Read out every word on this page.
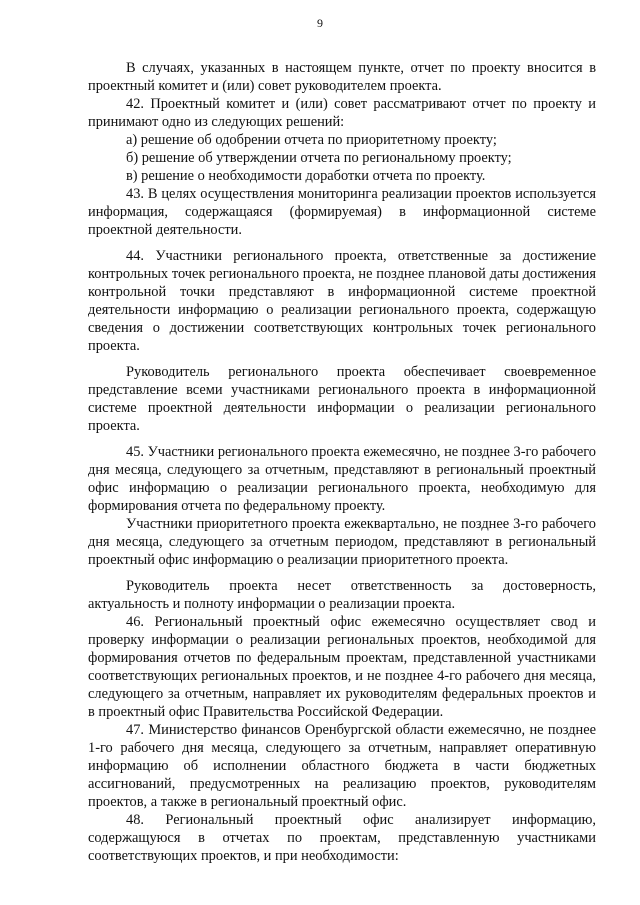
9

В случаях, указанных в настоящем пункте, отчет по проекту вносится в проектный комитет и (или) совет руководителем проекта.

42. Проектный комитет и (или) совет рассматривают отчет по проекту и принимают одно из следующих решений:

а) решение об одобрении отчета по приоритетному проекту;

б) решение об утверждении отчета по региональному проекту;

в) решение о необходимости доработки отчета по проекту.

43. В целях осуществления мониторинга реализации проектов используется информация, содержащаяся (формируемая) в информационной системе проектной деятельности.

44. Участники регионального проекта, ответственные за достижение контрольных точек регионального проекта, не позднее плановой даты достижения контрольной точки представляют в информационной системе проектной деятельности информацию о реализации регионального проекта, содержащую сведения о достижении соответствующих контрольных точек регионального проекта.

Руководитель регионального проекта обеспечивает своевременное представление всеми участниками регионального проекта в информационной системе проектной деятельности информации о реализации регионального проекта.

45. Участники регионального проекта ежемесячно, не позднее 3-го рабочего дня месяца, следующего за отчетным, представляют в региональный проектный офис информацию о реализации регионального проекта, необходимую для формирования отчета по федеральному проекту.

Участники приоритетного проекта ежеквартально, не позднее 3-го рабочего дня месяца, следующего за отчетным периодом, представляют в региональный проектный офис информацию о реализации приоритетного проекта.

Руководитель проекта несет ответственность за достоверность, актуальность и полноту информации о реализации проекта.

46. Региональный проектный офис ежемесячно осуществляет свод и проверку информации о реализации региональных проектов, необходимой для формирования отчетов по федеральным проектам, представленной участниками соответствующих региональных проектов, и не позднее 4-го рабочего дня месяца, следующего за отчетным, направляет их руководителям федеральных проектов и в проектный офис Правительства Российской Федерации.

47. Министерство финансов Оренбургской области ежемесячно, не позднее 1-го рабочего дня месяца, следующего за отчетным, направляет оперативную информацию об исполнении областного бюджета в части бюджетных ассигнований, предусмотренных на реализацию проектов, руководителям проектов, а также в региональный проектный офис.

48. Региональный проектный офис анализирует информацию, содержащуюся в отчетах по проектам, представленную участниками соответствующих проектов, и при необходимости:
